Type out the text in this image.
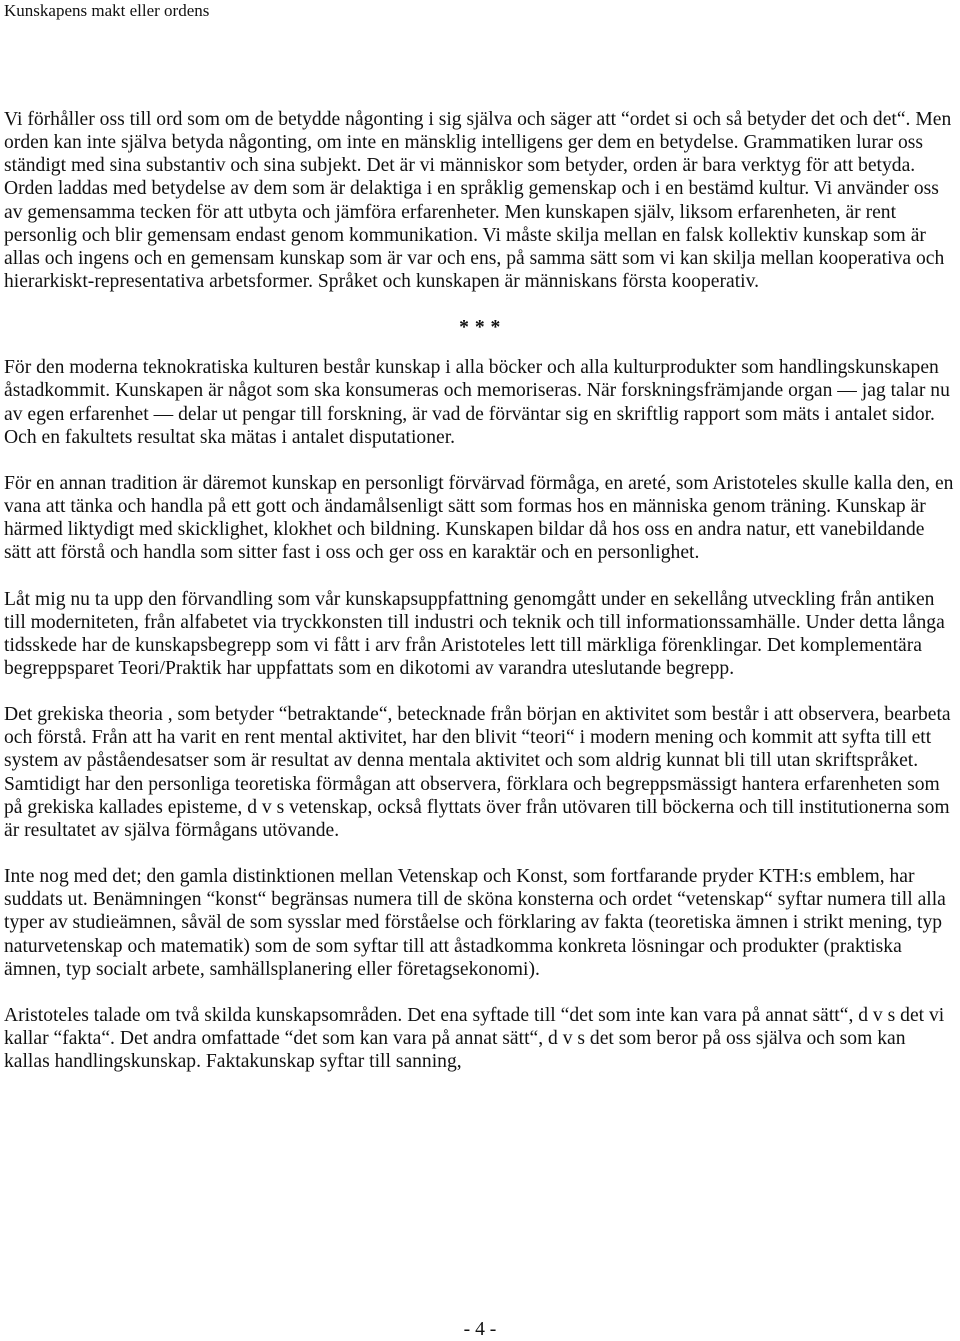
Kunskapens makt eller ordens

Vi förhåller oss till ord som om de betydde någonting i sig själva och säger att “ordet si och så betyder det och det“. Men orden kan inte själva betyda någonting, om inte en mänsklig intelligens ger dem en betydelse. Grammatiken lurar oss ständigt med sina substantiv och sina subjekt. Det är vi människor som betyder, orden är bara verktyg för att betyda. Orden laddas med betydelse av dem som är delaktiga i en språklig gemenskap och i en bestämd kultur. Vi använder oss av gemensamma tecken för att utbyta och jämföra erfarenheter. Men kunskapen själv, liksom erfarenheten, är rent personlig och blir gemensam endast genom kommunikation. Vi måste skilja mellan en falsk kollektiv kunskap som är allas och ingens och en gemensam kunskap som är var och ens, på samma sätt som vi kan skilja mellan kooperativa och hierarkiskt-representativa arbetsformer. Språket och kunskapen är människans första kooperativ.

* * *

För den moderna teknokratiska kulturen består kunskap i alla böcker och alla kulturprodukter som handlingskunskapen åstadkommit. Kunskapen är något som ska konsumeras och memoriseras. När forskningsfrämjande organ — jag talar nu av egen erfarenhet — delar ut pengar till forskning, är vad de förväntar sig en skriftlig rapport som mäts i antalet sidor. Och en fakultets resultat ska mätas i antalet disputationer.

För en annan tradition är däremot kunskap en personligt förvärvad förmåga, en areté, som Aristoteles skulle kalla den, en vana att tänka och handla på ett gott och ändamålsenligt sätt som formas hos en människa genom träning. Kunskap är härmed liktydigt med skicklighet, klokhet och bildning. Kunskapen bildar då hos oss en andra natur, ett vanebildande sätt att förstå och handla som sitter fast i oss och ger oss en karaktär och en personlighet.

Låt mig nu ta upp den förvandling som vår kunskapsuppfattning genomgått under en sekellång utveckling från antiken till moderniteten, från alfabetet via tryckkonsten till industri och teknik och till informationssamhälle. Under detta långa tidsskede har de kunskapsbegrepp som vi fått i arv från Aristoteles lett till märkliga förenklingar. Det komplementära begreppsparet Teori/Praktik har uppfattats som en dikotomi av varandra uteslutande begrepp.

Det grekiska theoria , som betyder “betraktande“, betecknade från början en aktivitet som består i att observera, bearbeta och förstå. Från att ha varit en rent mental aktivitet, har den blivit “teori“ i modern mening och kommit att syfta till ett system av påståendesatser som är resultat av denna mentala aktivitet och som aldrig kunnat bli till utan skriftspråket. Samtidigt har den personliga teoretiska förmågan att observera, förklara och begreppsmässigt hantera erfarenheten som på grekiska kallades episteme, d v s vetenskap, också flyttats över från utövaren till böckerna och till institutionerna som är resultatet av själva förmågans utövande.

Inte nog med det; den gamla distinktionen mellan Vetenskap och Konst, som fortfarande pryder KTH:s emblem, har suddats ut. Benämningen “konst“ begränsas numera till de sköna konsterna och ordet “vetenskap“ syftar numera till alla typer av studieämnen, såväl de som sysslar med förståelse och förklaring av fakta (teoretiska ämnen i strikt mening, typ naturvetenskap och matematik) som de som syftar till att åstadkomma konkreta lösningar och produkter (praktiska ämnen, typ socialt arbete, samhällsplanering eller företagsekonomi).

Aristoteles talade om två skilda kunskapsområden. Det ena syftade till “det som inte kan vara på annat sätt“, d v s det vi kallar “fakta“. Det andra omfattade “det som kan vara på annat sätt“, d v s det som beror på oss själva och som kan kallas handlingskunskap. Faktakunskap syftar till sanning,

- 4 -
